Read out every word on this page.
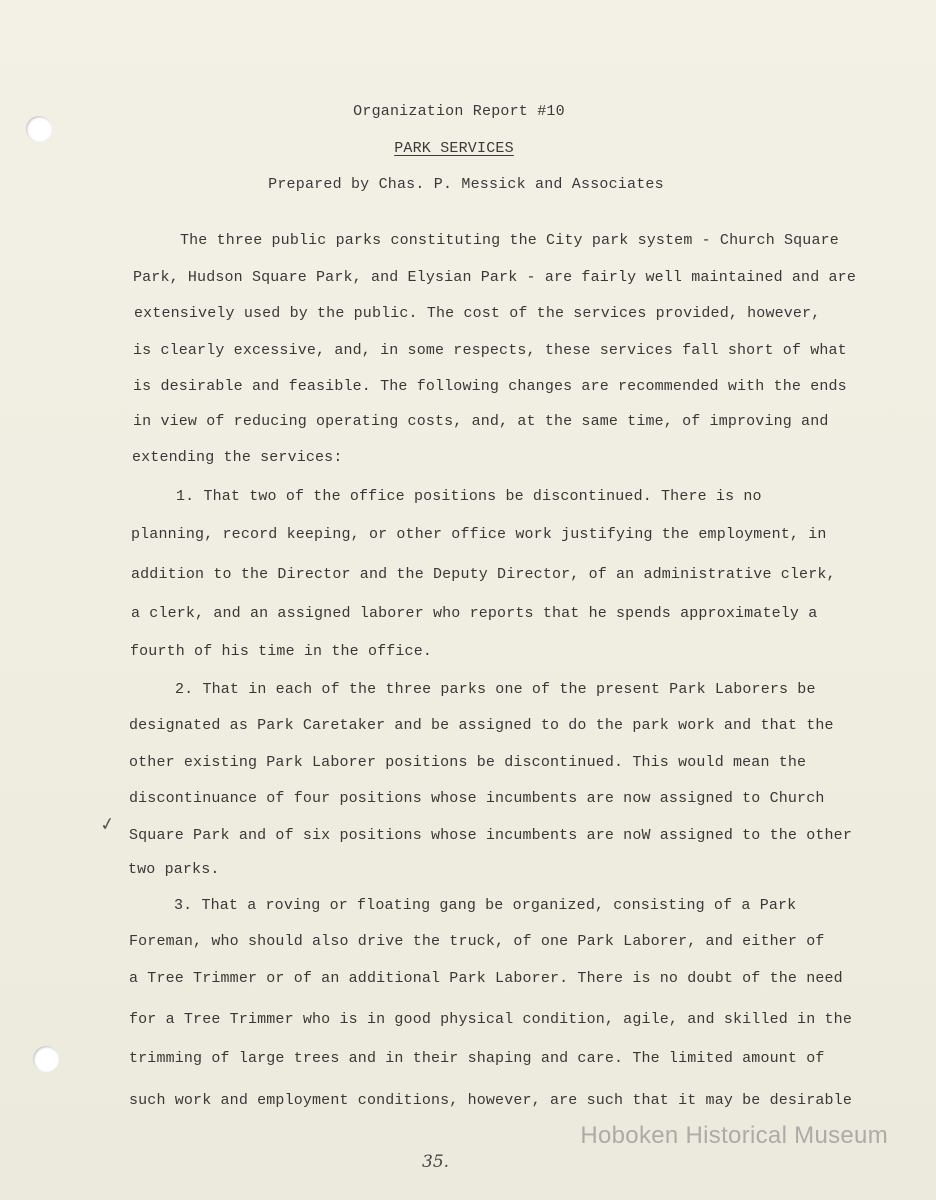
Organization Report #10
PARK SERVICES
Prepared by Chas. P. Messick and Associates
The three public parks constituting the City park system - Church Square
Park, Hudson Square Park, and Elysian Park - are fairly well maintained and are
extensively used by the public. The cost of the services provided, however,
is clearly excessive, and, in some respects, these services fall short of what
is desirable and feasible. The following changes are recommended with the ends
in view of reducing operating costs, and, at the same time, of improving and
extending the services:
1. That two of the office positions be discontinued. There is no
planning, record keeping, or other office work justifying the employment, in
addition to the Director and the Deputy Director, of an administrative clerk,
a clerk, and an assigned laborer who reports that he spends approximately a
fourth of his time in the office.
2. That in each of the three parks one of the present Park Laborers be
designated as Park Caretaker and be assigned to do the park work and that the
other existing Park Laborer positions be discontinued. This would mean the
discontinuance of four positions whose incumbents are now assigned to Church
Square Park and of six positions whose incumbents are noW assigned to the other
two parks.
3. That a roving or floating gang be organized, consisting of a Park
Foreman, who should also drive the truck, of one Park Laborer, and either of
a Tree Trimmer or of an additional Park Laborer. There is no doubt of the need
for a Tree Trimmer who is in good physical condition, agile, and skilled in the
trimming of large trees and in their shaping and care. The limited amount of
such work and employment conditions, however, are such that it may be desirable
✓
35.
Hoboken Historical Museum
